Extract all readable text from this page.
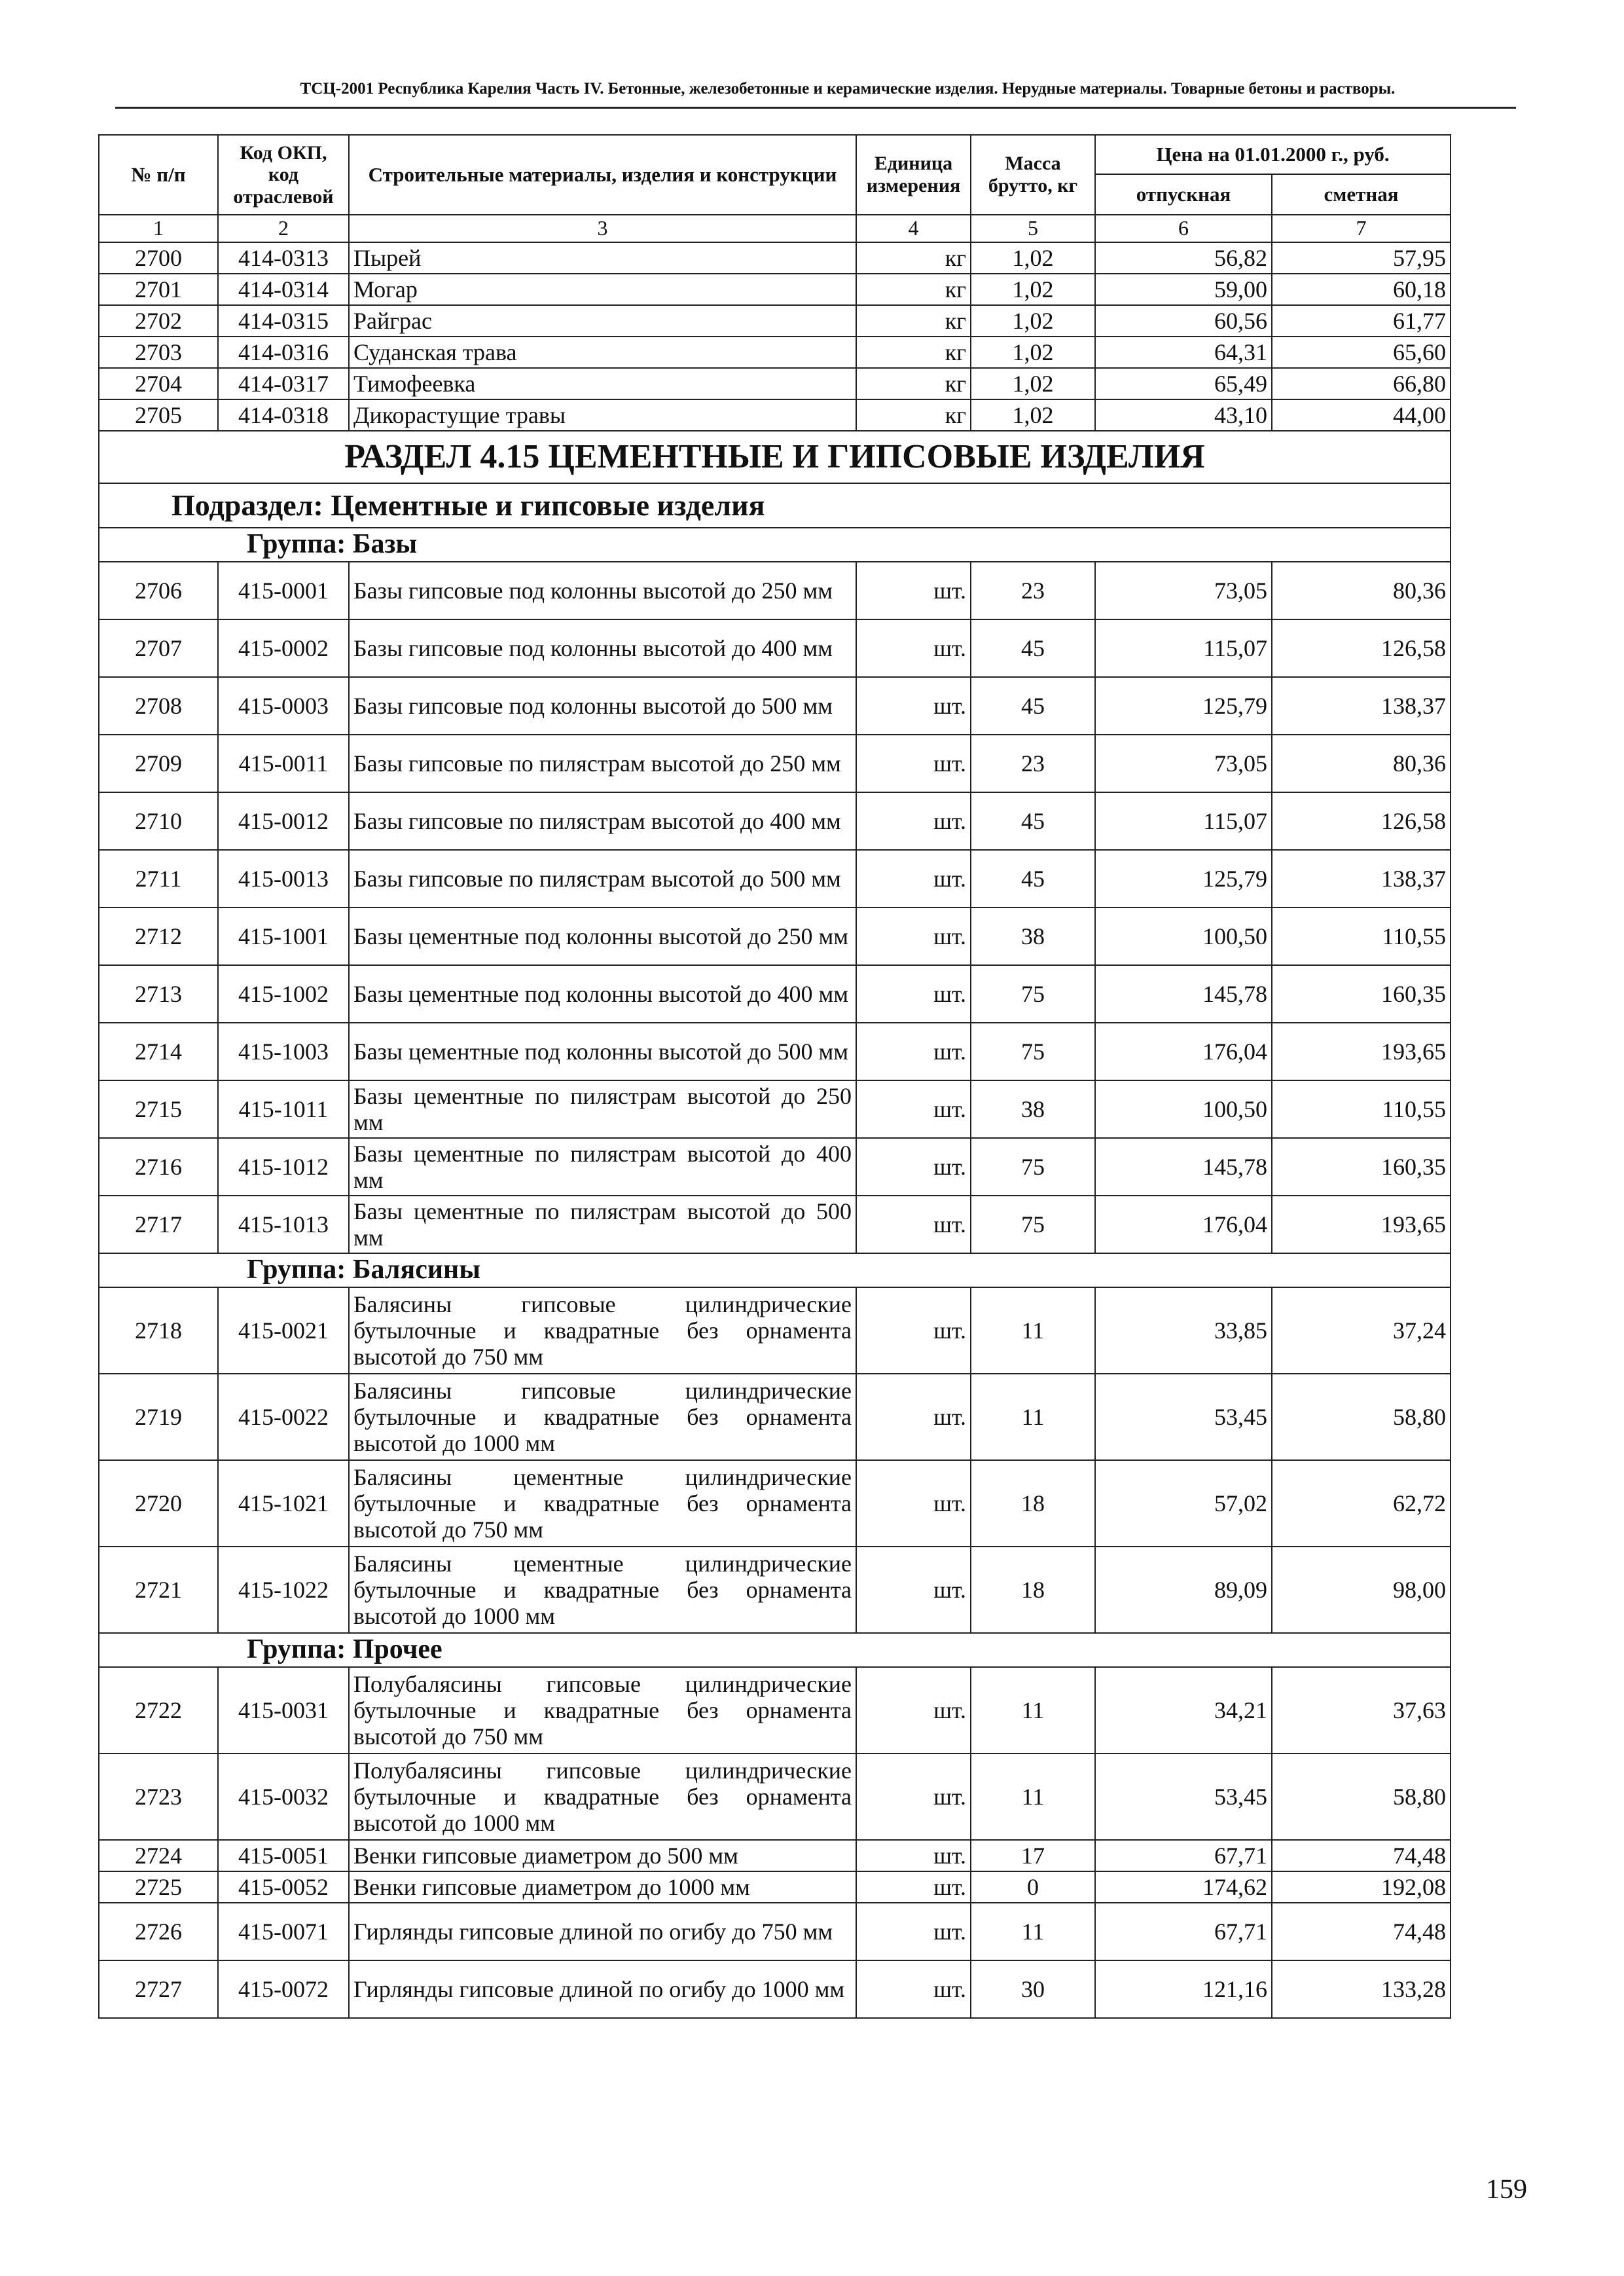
ТСЦ-2001 Республика Карелия Часть IV. Бетонные, железобетонные и керамические изделия. Нерудные материалы. Товарные бетоны и растворы.
№ п/п	Код ОКП, код отраслевой	Строительные материалы, изделия и конструкции	Единица измерения	Масса брутто, кг	Цена на 01.01.2000 г., руб.	
					отпускная	сметная
1	2	3	4	5	6	7
2700	414-0313	Пырей	кг	1,02	56,82	57,95
2701	414-0314	Могар	кг	1,02	59,00	60,18
2702	414-0315	Райграс	кг	1,02	60,56	61,77
2703	414-0316	Суданская трава	кг	1,02	64,31	65,60
2704	414-0317	Тимофеевка	кг	1,02	65,49	66,80
2705	414-0318	Дикорастущие травы	кг	1,02	43,10	44,00
РАЗДЕЛ 4.15 ЦЕМЕНТНЫЕ И ГИПСОВЫЕ ИЗДЕЛИЯ						
Подраздел: Цементные и гипсовые изделия						
Группа: Базы						
2706	415-0001	Базы гипсовые под колонны высотой до 250 мм	шт.	23	73,05	80,36
2707	415-0002	Базы гипсовые под колонны высотой до 400 мм	шт.	45	115,07	126,58
2708	415-0003	Базы гипсовые под колонны высотой до 500 мм	шт.	45	125,79	138,37
2709	415-0011	Базы гипсовые по пилястрам высотой до 250 мм	шт.	23	73,05	80,36
2710	415-0012	Базы гипсовые по пилястрам высотой до 400 мм	шт.	45	115,07	126,58
2711	415-0013	Базы гипсовые по пилястрам высотой до 500 мм	шт.	45	125,79	138,37
2712	415-1001	Базы цементные под колонны высотой до 250 мм	шт.	38	100,50	110,55
2713	415-1002	Базы цементные под колонны высотой до 400 мм	шт.	75	145,78	160,35
2714	415-1003	Базы цементные под колонны высотой до 500 мм	шт.	75	176,04	193,65
2715	415-1011	Базы цементные по пилястрам высотой до 250 мм	шт.	38	100,50	110,55
2716	415-1012	Базы цементные по пилястрам высотой до 400 мм	шт.	75	145,78	160,35
2717	415-1013	Базы цементные по пилястрам высотой до 500 мм	шт.	75	176,04	193,65
Группа: Балясины						
2718	415-0021	Балясины гипсовые цилиндрические бутылочные и квадратные без орнамента высотой до 750 мм	шт.	11	33,85	37,24
2719	415-0022	Балясины гипсовые цилиндрические бутылочные и квадратные без орнамента высотой до 1000 мм	шт.	11	53,45	58,80
2720	415-1021	Балясины цементные цилиндрические бутылочные и квадратные без орнамента высотой до 750 мм	шт.	18	57,02	62,72
2721	415-1022	Балясины цементные цилиндрические бутылочные и квадратные без орнамента высотой до 1000 мм	шт.	18	89,09	98,00
Группа: Прочее						
2722	415-0031	Полубалясины гипсовые цилиндрические бутылочные и квадратные без орнамента высотой до 750 мм	шт.	11	34,21	37,63
2723	415-0032	Полубалясины гипсовые цилиндрические бутылочные и квадратные без орнамента высотой до 1000 мм	шт.	11	53,45	58,80
2724	415-0051	Венки гипсовые диаметром до 500 мм	шт.	17	67,71	74,48
2725	415-0052	Венки гипсовые диаметром до 1000 мм	шт.	0	174,62	192,08
2726	415-0071	Гирлянды гипсовые длиной по огибу до 750 мм	шт.	11	67,71	74,48
2727	415-0072	Гирлянды гипсовые длиной по огибу до 1000 мм	шт.	30	121,16	133,28
159
